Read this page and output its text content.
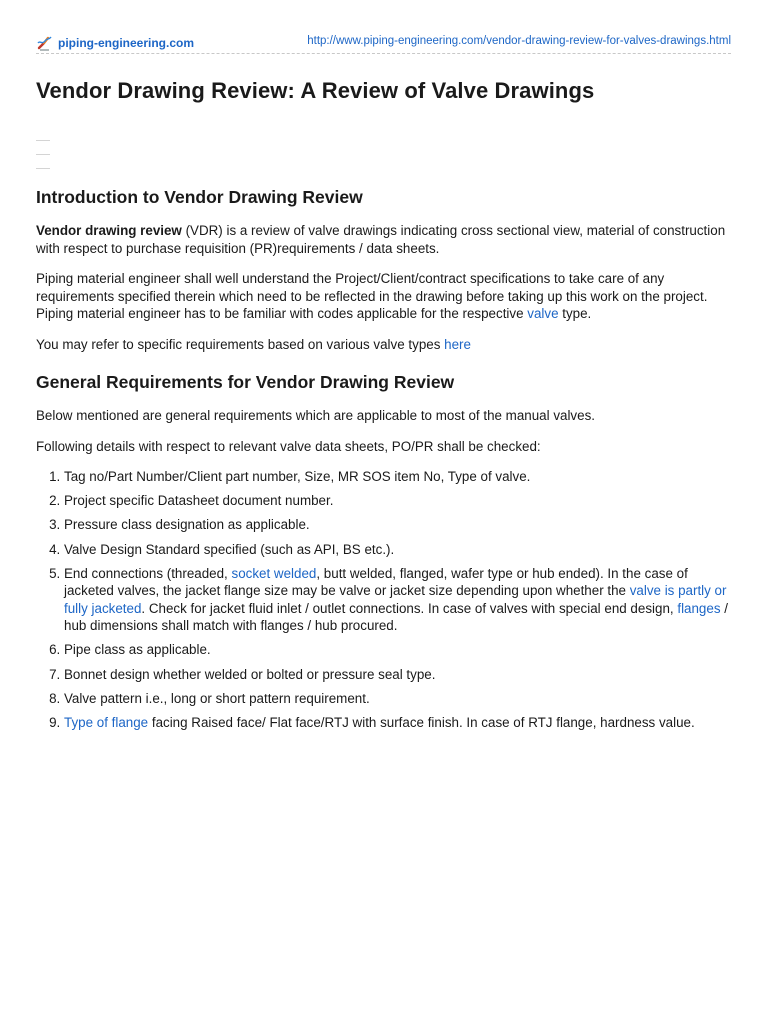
piping-engineering.com	http://www.piping-engineering.com/vendor-drawing-review-for-valves-drawings.html
Vendor Drawing Review: A Review of Valve Drawings
Introduction to Vendor Drawing Review

Vendor drawing review (VDR) is a review of valve drawings indicating cross sectional view, material of construction with respect to purchase requisition (PR)requirements / data sheets.

Piping material engineer shall well understand the Project/Client/contract specifications to take care of any requirements specified therein which need to be reflected in the drawing before taking up this work on the project. Piping material engineer has to be familiar with codes applicable for the respective valve type.

You may refer to specific requirements based on various valve types here

General Requirements for Vendor Drawing Review

Below mentioned are general requirements which are applicable to most of the manual valves.

Following details with respect to relevant valve data sheets, PO/PR shall be checked:

1. Tag no/Part Number/Client part number, Size, MR SOS item No, Type of valve.
2. Project specific Datasheet document number.
3. Pressure class designation as applicable.
4. Valve Design Standard specified (such as API, BS etc.).
5. End connections (threaded, socket welded, butt welded, flanged, wafer type or hub ended). In the case of jacketed valves, the jacket flange size may be valve or jacket size depending upon whether the valve is partly or fully jacketed. Check for jacket fluid inlet / outlet connections. In case of valves with special end design, flanges / hub dimensions shall match with flanges / hub procured.
6. Pipe class as applicable.
7. Bonnet design whether welded or bolted or pressure seal type.
8. Valve pattern i.e., long or short pattern requirement.
9. Type of flange facing Raised face/ Flat face/RTJ with surface finish. In case of RTJ flange, hardness value.
